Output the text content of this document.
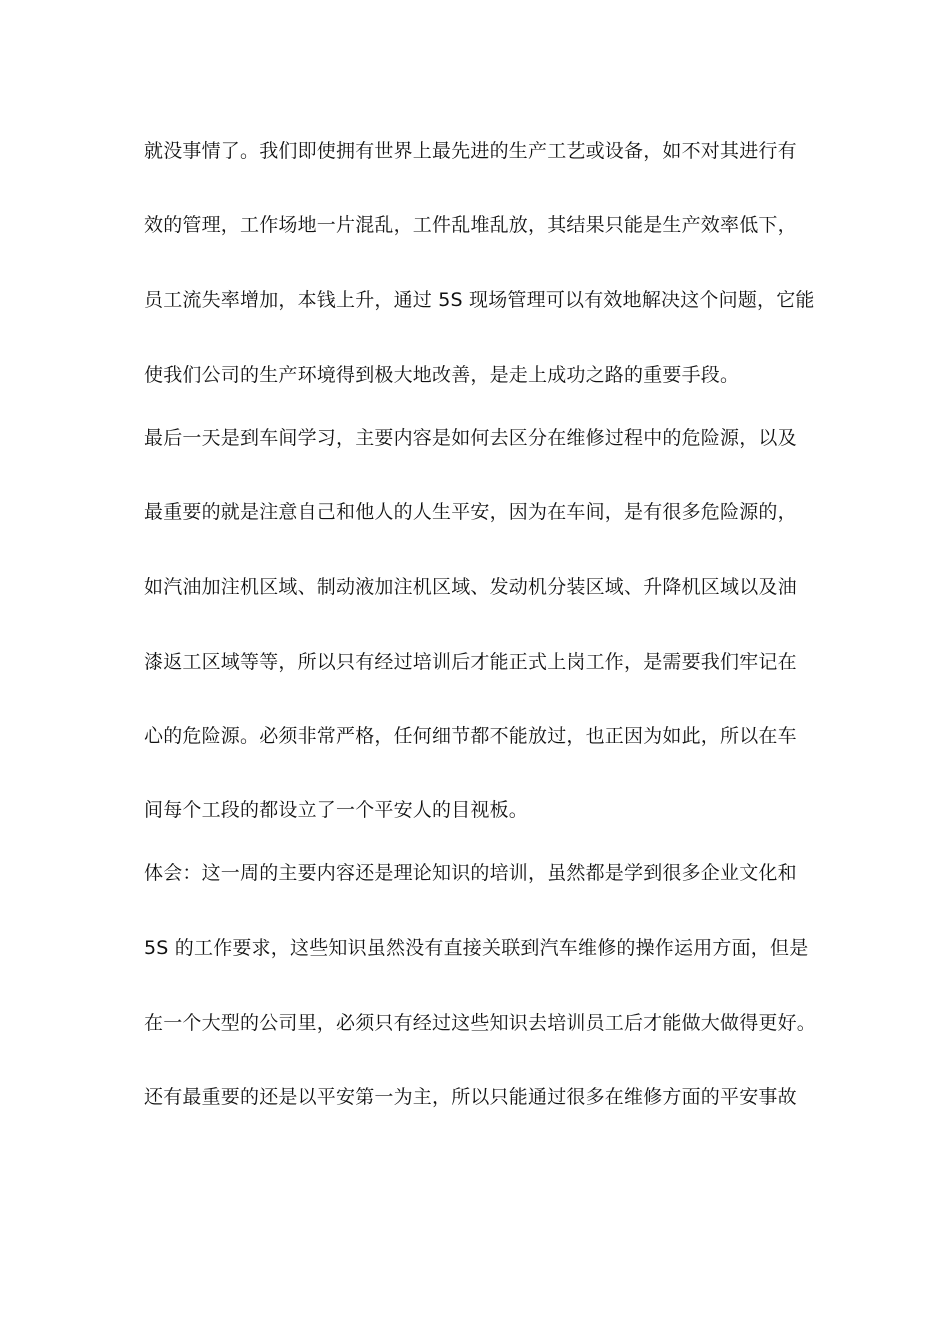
就没事情了。我们即使拥有世界上最先进的生产工艺或设备，如不对其进行有
效的管理，工作场地一片混乱，工件乱堆乱放，其结果只能是生产效率低下，
员工流失率增加，本钱上升，通过 5S 现场管理可以有效地解决这个问题，它能
使我们公司的生产环境得到极大地改善，是走上成功之路的重要手段。
最后一天是到车间学习，主要内容是如何去区分在维修过程中的危险源，以及
最重要的就是注意自己和他人的人生平安，因为在车间，是有很多危险源的，
如汽油加注机区域、制动液加注机区域、发动机分装区域、升降机区域以及油
漆返工区域等等，所以只有经过培训后才能正式上岗工作，是需要我们牢记在
心的危险源。必须非常严格，任何细节都不能放过，也正因为如此，所以在车
间每个工段的都设立了一个平安人的目视板。
体会：这一周的主要内容还是理论知识的培训，虽然都是学到很多企业文化和
5S 的工作要求，这些知识虽然没有直接关联到汽车维修的操作运用方面，但是
在一个大型的公司里，必须只有经过这些知识去培训员工后才能做大做得更好。
还有最重要的还是以平安第一为主，所以只能通过很多在维修方面的平安事故
